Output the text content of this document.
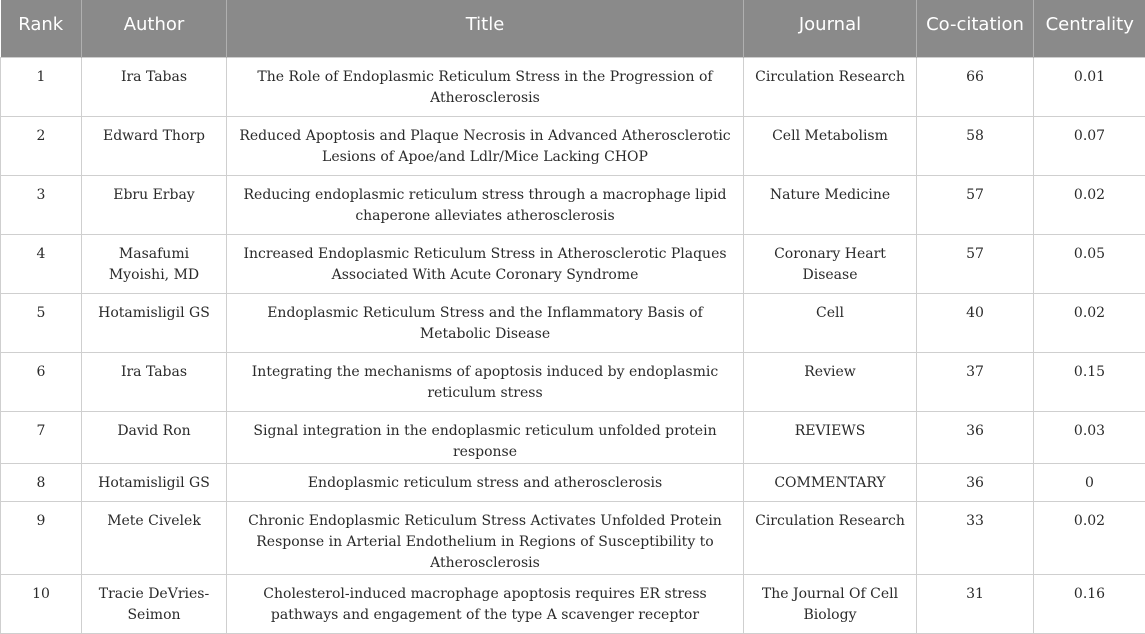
Rank	Author	Title	Journal	Co-citation	Centrality
1	Ira Tabas	The Role of Endoplasmic Reticulum Stress in the Progression of Atherosclerosis	Circulation Research	66	0.01
2	Edward Thorp	Reduced Apoptosis and Plaque Necrosis in Advanced Atherosclerotic Lesions of Apoe/and Ldlr/Mice Lacking CHOP	Cell Metabolism	58	0.07
3	Ebru Erbay	Reducing endoplasmic reticulum stress through a macrophage lipid chaperone alleviates atherosclerosis	Nature Medicine	57	0.02
4	Masafumi Myoishi, MD	Increased Endoplasmic Reticulum Stress in Atherosclerotic Plaques Associated With Acute Coronary Syndrome	Coronary Heart Disease	57	0.05
5	Hotamisligil GS	Endoplasmic Reticulum Stress and the Inflammatory Basis of Metabolic Disease	Cell	40	0.02
6	Ira Tabas	Integrating the mechanisms of apoptosis induced by endoplasmic reticulum stress	Review	37	0.15
7	David Ron	Signal integration in the endoplasmic reticulum unfolded protein response	REVIEWS	36	0.03
8	Hotamisligil GS	Endoplasmic reticulum stress and atherosclerosis	COMMENTARY	36	0
9	Mete Civelek	Chronic Endoplasmic Reticulum Stress Activates Unfolded Protein Response in Arterial Endothelium in Regions of Susceptibility to Atherosclerosis	Circulation Research	33	0.02
10	Tracie DeVries-Seimon	Cholesterol-induced macrophage apoptosis requires ER stress pathways and engagement of the type A scavenger receptor	The Journal Of Cell Biology	31	0.16
